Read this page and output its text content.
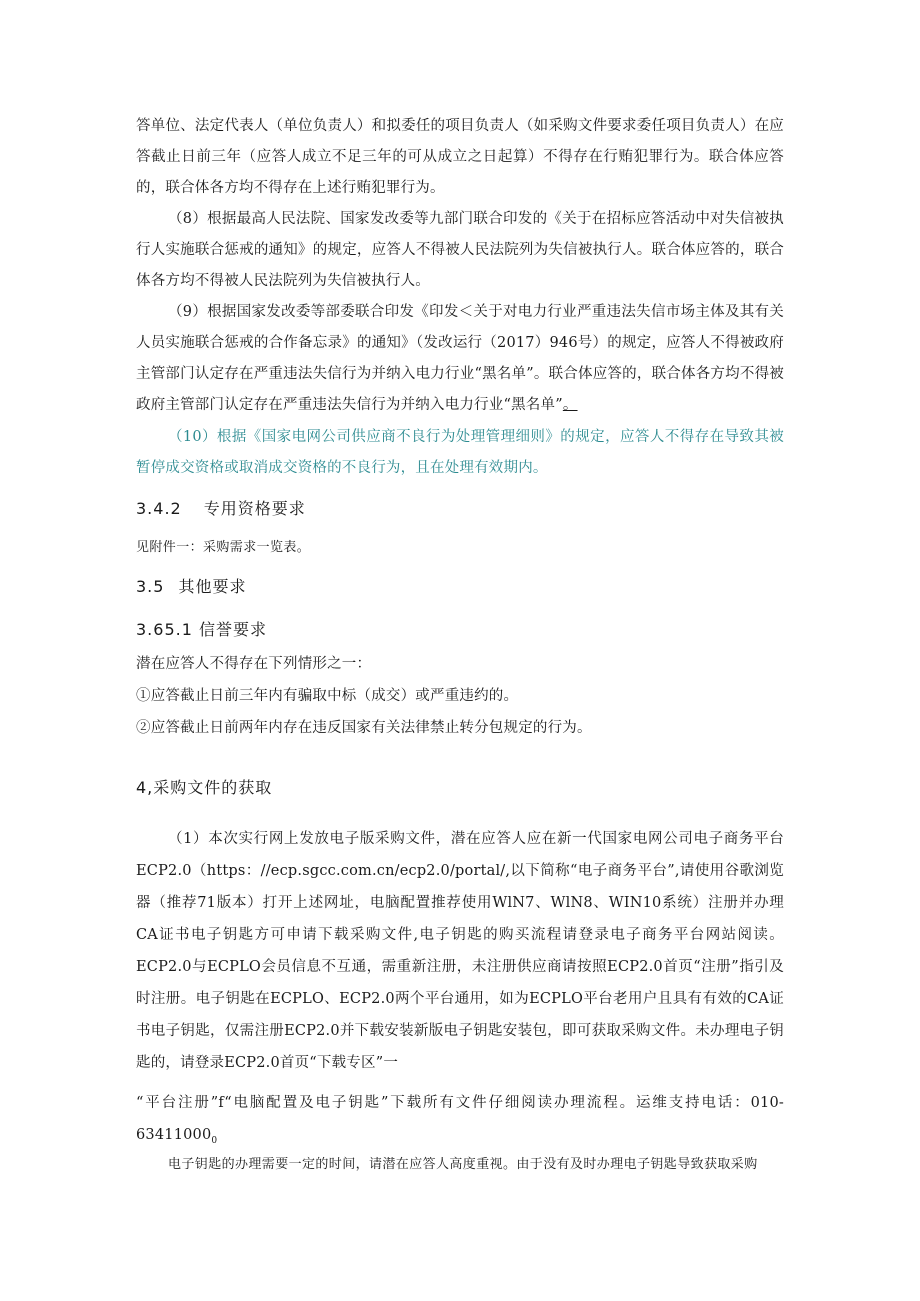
答单位、法定代表人（单位负责人）和拟委任的项目负责人（如采购文件要求委任项目负责人）在应答截止日前三年（应答人成立不足三年的可从成立之日起算）不得存在行贿犯罪行为。联合体应答的，联合体各方均不得存在上述行贿犯罪行为。

（8）根据最高人民法院、国家发改委等九部门联合印发的《关于在招标应答活动中对失信被执行人实施联合惩戒的通知》的规定，应答人不得被人民法院列为失信被执行人。联合体应答的，联合体各方均不得被人民法院列为失信被执行人。

（9）根据国家发改委等部委联合印发《印发＜关于对电力行业严重违法失信市场主体及其有关人员实施联合惩戒的合作备忘录》的通知》（发改运行（2017）946号）的规定，应答人不得被政府主管部门认定存在严重违法失信行为并纳入电力行业“黑名单”。联合体应答的，联合体各方均不得被政府主管部门认定存在严重违法失信行为并纳入电力行业“黑名单”。

（10）根据《国家电网公司供应商不良行为处理管理细则》的规定，应答人不得存在导致其被暂停成交资格或取消成交资格的不良行为，且在处理有效期内。

3.4.2 专用资格要求
见附件一：采购需求一览表。
3.5 其他要求
3.65.1 信誉要求
潜在应答人不得存在下列情形之一：
①应答截止日前三年内有骗取中标（成交）或严重违约的。
②应答截止日前两年内存在违反国家有关法律禁止转分包规定的行为。
4,采购文件的获取

（1）本次实行网上发放电子版采购文件，潜在应答人应在新一代国家电网公司电子商务平台ECP2.0（https：//ecp.sgcc.com.cn/ecp2.0/portal/,以下简称“电子商务平台”,请使用谷歌浏览器（推荐71版本）打开上述网址，电脑配置推荐使用WlN7、WlN8、WIN10系统）注册并办理CA证书电子钥匙方可申请下载采购文件,电子钥匙的购买流程请登录电子商务平台网站阅读。ECP2.0与ECPLO会员信息不互通，需重新注册，未注册供应商请按照ECP2.0首页“注册”指引及时注册。电子钥匙在ECPLO、ECP2.0两个平台通用，如为ECPLO平台老用户且具有有效的CA证书电子钥匙，仅需注册ECP2.0并下载安装新版电子钥匙安装包，即可获取采购文件。未办理电子钥匙的，请登录ECP2.0首页“下载专区”一

“平台注册”f“电脑配置及电子钥匙”下载所有文件仔细阅读办理流程。运维支持电话：$010-63411000_0$

电子钥匙的办理需要一定的时间，请潜在应答人高度重视。由于没有及时办理电子钥匙导致获取采购
